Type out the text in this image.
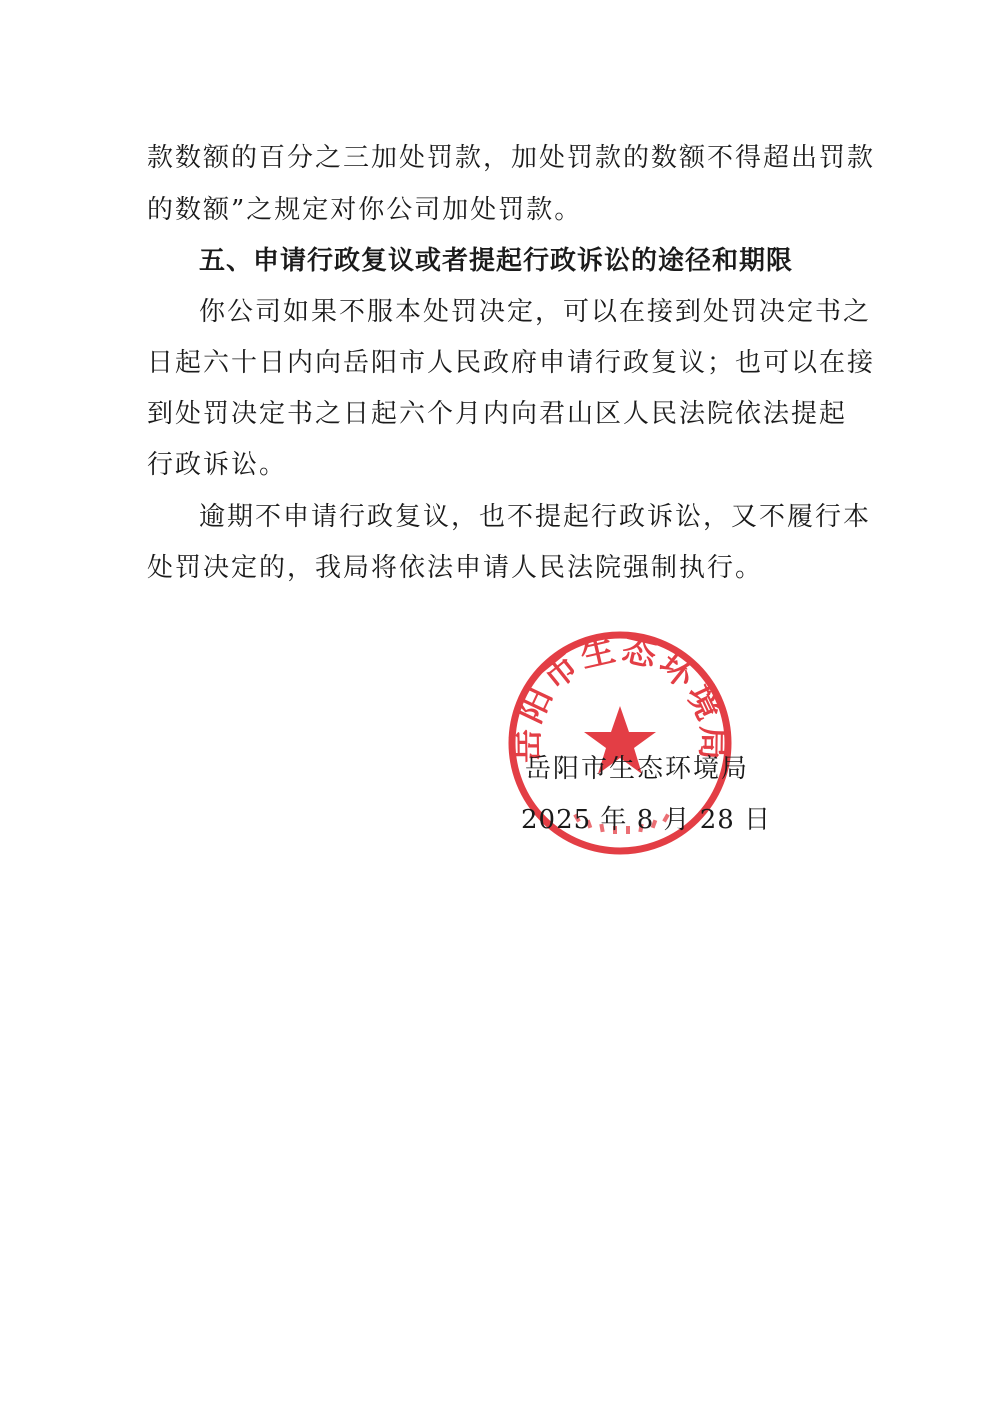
款数额的百分之三加处罚款，加处罚款的数额不得超出罚款
的数额”之规定对你公司加处罚款。
五、申请行政复议或者提起行政诉讼的途径和期限
你公司如果不服本处罚决定，可以在接到处罚决定书之
日起六十日内向岳阳市人民政府申请行政复议；也可以在接
到处罚决定书之日起六个月内向君山区人民法院依法提起
行政诉讼。
逾期不申请行政复议，也不提起行政诉讼，又不履行本
处罚决定的，我局将依法申请人民法院强制执行。
岳阳市生态环境局
岳阳市生态环境局
2025 年 8 月 28 日
